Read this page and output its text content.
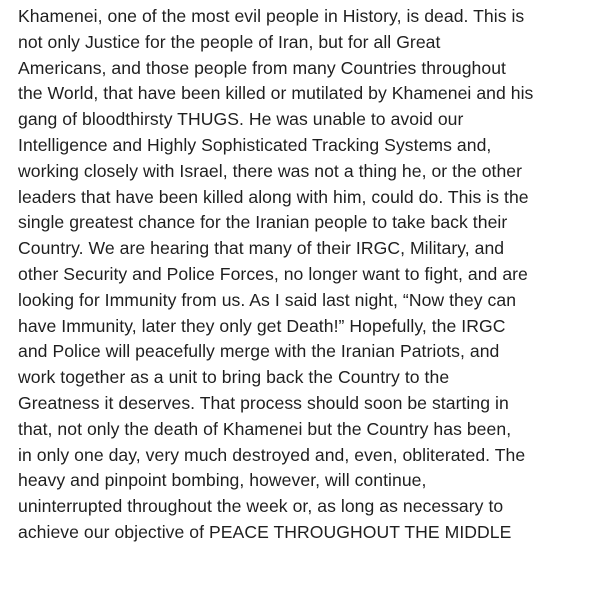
Khamenei, one of the most evil people in History, is dead. This is
not only Justice for the people of Iran, but for all Great
Americans, and those people from many Countries throughout
the World, that have been killed or mutilated by Khamenei and his
gang of bloodthirsty THUGS. He was unable to avoid our
Intelligence and Highly Sophisticated Tracking Systems and,
working closely with Israel, there was not a thing he, or the other
leaders that have been killed along with him, could do. This is the
single greatest chance for the Iranian people to take back their
Country. We are hearing that many of their IRGC, Military, and
other Security and Police Forces, no longer want to fight, and are
looking for Immunity from us. As I said last night, “Now they can
have Immunity, later they only get Death!” Hopefully, the IRGC
and Police will peacefully merge with the Iranian Patriots, and
work together as a unit to bring back the Country to the
Greatness it deserves. That process should soon be starting in
that, not only the death of Khamenei but the Country has been,
in only one day, very much destroyed and, even, obliterated. The
heavy and pinpoint bombing, however, will continue,
uninterrupted throughout the week or, as long as necessary to
achieve our objective of PEACE THROUGHOUT THE MIDDLE
